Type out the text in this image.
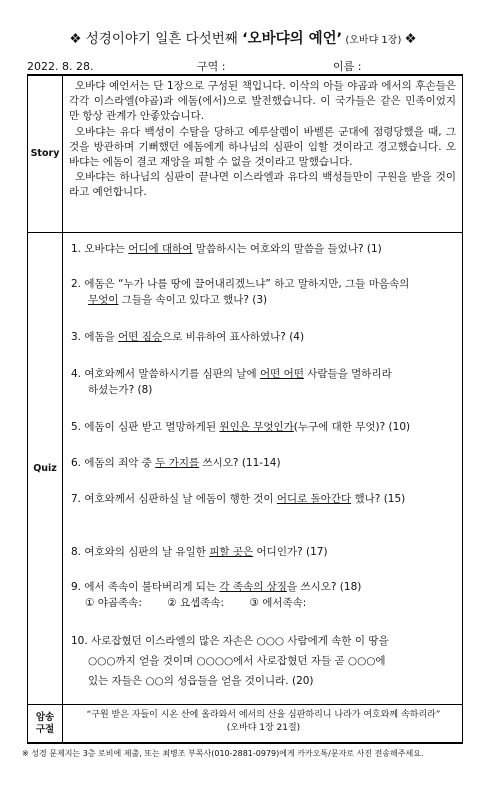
❖ 성경이야기 일흔 다섯번째 ‘오바댜의 예언’ (오바댜 1장) ❖
2022. 8. 28.	구역 :	이름 :
Story

오바댜 예언서는 단 1장으로 구성된 책입니다. 이삭의 아들 야곱과 에서의 후손들은 각각 이스라엘(야곱)과 에돔(에서)으로 발전했습니다. 이 국가들은 같은 민족이었지만 항상 관계가 안좋았습니다.

오바댜는 유다 백성이 수탈을 당하고 예루살렘이 바벨론 군대에 점령당했을 때, 그것을 방관하며 기뻐했던 에돔에게 하나님의 심판이 임할 것이라고 경고했습니다. 오바댜는 에돔이 결코 재앙을 피할 수 없을 것이라고 말했습니다.

오바댜는 하나님의 심판이 끝나면 이스라엘과 유다의 백성들만이 구원을 받을 것이라고 예언합니다.

Quiz
1. 오바댜는 어디에 대하여 말씀하시는 여호와의 말씀을 들었나? (1)
2. 에돔은 “누가 나를 땅에 끌어내리겠느냐” 하고 말하지만, 그들 마음속의
무엇이 그들을 속이고 있다고 했나? (3)
3. 에돔을 어떤 짐승으로 비유하여 표사하였나? (4)
4. 여호와께서 말씀하시기를 심판의 날에 어떤 어떤 사람들을 멸하리라
하셨는가? (8)
5. 에돔이 심판 받고 멸망하게된 원인은 무엇인가(누구에 대한 무엇)? (10)
6. 에돔의 죄악 중 두 가지를 쓰시오? (11-14)
7. 여호와께서 심판하실 날 에돔이 행한 것이 어디로 돌아간다 했나? (15)
8. 여호와의 심판의 날 유일한 피할 곳은 어디인가? (17)
9. 에서 족속이 불타버리게 되는 각 족속의 상징을 쓰시오? (18)
① 야곱족속: ② 요셉족속: ③ 에서족속:
10. 사로잡혔던 이스라엘의 많은 자손은 ○○○ 사람에게 속한 이 땅을
○○○까지 얻을 것이며 ○○○○에서 사로잡혔던 자들 곧 ○○○에
있는 자들은 ○○의 성읍들을 얻을 것이니라. (20)
암송
구절
“구원 받은 자들이 시온 산에 올라와서 에서의 산을 심판하리니 나라가 여호와께 속하리라”
(오바댜 1장 21절)
※ 성경 문제지는 3층 로비에 제출, 또는 최병조 부목사(010-2881-0979)에게 카카오톡/문자로 사진 전송해주세요.
